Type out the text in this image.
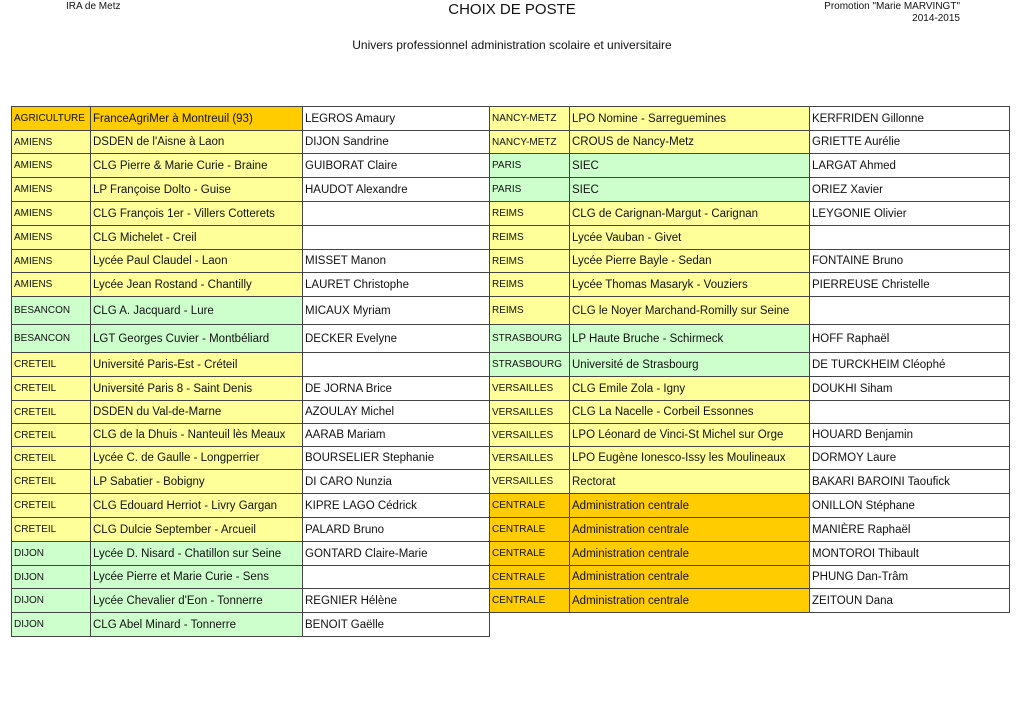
IRA de Metz	CHOIX DE POSTE	Promotion "Marie MARVINGT"
2014-2015
Univers professionnel administration scolaire et universitaire
AGRICULTURE	FranceAgriMer à Montreuil (93)	LEGROS Amaury
AMIENS	DSDEN de l'Aisne à Laon	DIJON Sandrine
AMIENS	CLG Pierre & Marie Curie - Braine	GUIBORAT Claire
AMIENS	LP Françoise Dolto - Guise	HAUDOT Alexandre
AMIENS	CLG François 1er - Villers Cotterets	
AMIENS	CLG Michelet - Creil	
AMIENS	Lycée Paul Claudel - Laon	MISSET Manon
AMIENS	Lycée Jean Rostand - Chantilly	LAURET Christophe
BESANCON	CLG A. Jacquard - Lure	MICAUX Myriam
BESANCON	LGT Georges Cuvier - Montbéliard	DECKER Evelyne
CRETEIL	Université Paris-Est - Créteil	
CRETEIL	Université Paris 8 - Saint Denis	DE JORNA Brice
CRETEIL	DSDEN du Val-de-Marne	AZOULAY Michel
CRETEIL	CLG de la Dhuis - Nanteuil lès Meaux	AARAB Mariam
CRETEIL	Lycée C. de Gaulle - Longperrier	BOURSELIER Stephanie
CRETEIL	LP Sabatier - Bobigny	DI CARO Nunzia
CRETEIL	CLG Edouard Herriot - Livry Gargan	KIPRE LAGO Cédrick
CRETEIL	CLG Dulcie September - Arcueil	PALARD Bruno
DIJON	Lycée D. Nisard - Chatillon sur Seine	GONTARD Claire-Marie
DIJON	Lycée Pierre et Marie Curie - Sens	
DIJON	Lycée Chevalier d'Eon - Tonnerre	REGNIER Hélène
DIJON	CLG Abel Minard - Tonnerre	BENOIT Gaëlle
NANCY-METZ	LPO Nomine - Sarreguemines	KERFRIDEN Gillonne
NANCY-METZ	CROUS de Nancy-Metz	GRIETTE Aurélie
PARIS	SIEC	LARGAT Ahmed
PARIS	SIEC	ORIEZ Xavier
REIMS	CLG de Carignan-Margut - Carignan	LEYGONIE Olivier
REIMS	Lycée Vauban - Givet	
REIMS	Lycée Pierre Bayle - Sedan	FONTAINE Bruno
REIMS	Lycée Thomas Masaryk - Vouziers	PIERREUSE Christelle
REIMS	CLG le Noyer Marchand-Romilly sur Seine	
STRASBOURG	LP Haute Bruche - Schirmeck	HOFF Raphaël
STRASBOURG	Université de Strasbourg	DE TURCKHEIM Cléophé
VERSAILLES	CLG Emile Zola - Igny	DOUKHI Siham
VERSAILLES	CLG La Nacelle - Corbeil Essonnes	
VERSAILLES	LPO Léonard de Vinci-St Michel sur Orge	HOUARD Benjamin
VERSAILLES	LPO Eugène Ionesco-Issy les Moulineaux	DORMOY Laure
VERSAILLES	Rectorat	BAKARI BAROINI Taoufick
CENTRALE	Administration centrale	ONILLON Stéphane
CENTRALE	Administration centrale	MANIÈRE Raphaël
CENTRALE	Administration centrale	MONTOROI Thibault
CENTRALE	Administration centrale	PHUNG Dan-Trâm
CENTRALE	Administration centrale	ZEITOUN Dana
